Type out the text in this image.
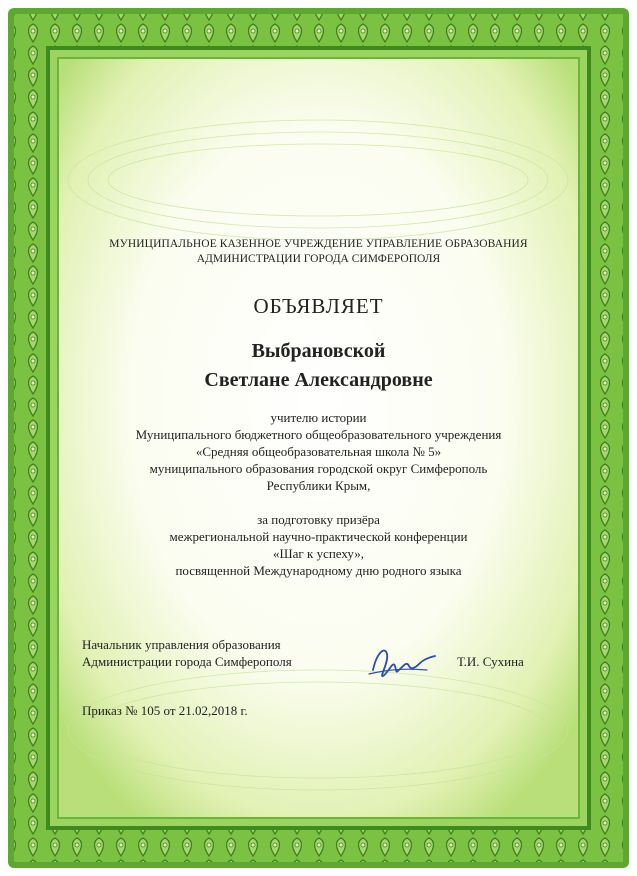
МУНИЦИПАЛЬНОЕ КАЗЕННОЕ УЧРЕЖДЕНИЕ УПРАВЛЕНИЕ ОБРАЗОВАНИЯ
АДМИНИСТРАЦИИ ГОРОДА СИМФЕРОПОЛЯ
ОБЪЯВЛЯЕТ
Выбрановской
Светлане Александровне
учителю истории
Муниципального бюджетного общеобразовательного учреждения
«Средняя общеобразовательная школа № 5»
муниципального образования городской округ Симферополь
Республики Крым,
за подготовку призёра
межрегиональной научно-практической конференции
«Шаг к успеху»,
посвященной Международному дню родного языка
Начальник управления образования
Администрации города Симферополя	Т.И. Сухина
Приказ № 105 от 21.02,2018 г.
